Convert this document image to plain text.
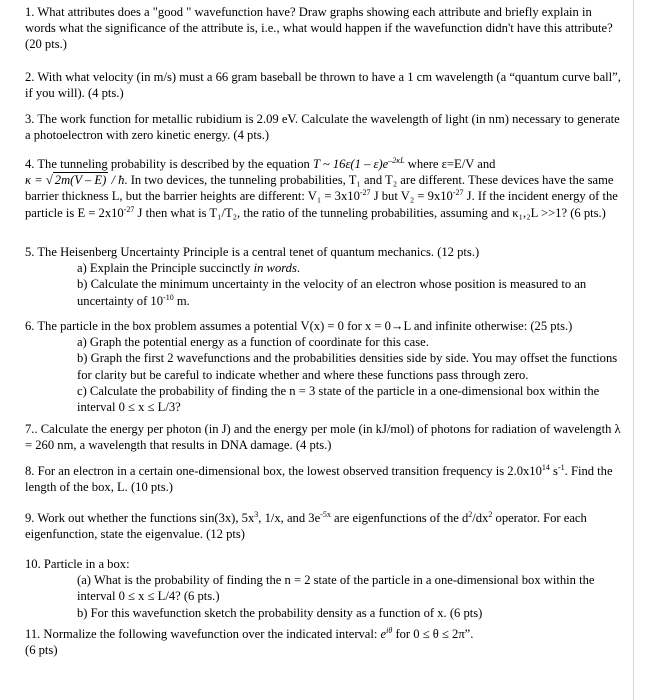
1. What attributes does a "good " wavefunction have? Draw graphs showing each attribute and briefly explain in words what the significance of the attribute is, i.e., what would happen if the wavefunction didn't have this attribute? (20 pts.)
2. With what velocity (in m/s) must a 66 gram baseball be thrown to have a 1 cm wavelength (a “quantum curve ball”, if you will). (4 pts.)
3. The work function for metallic rubidium is 2.09 eV. Calculate the wavelength of light (in nm) necessary to generate a photoelectron with zero kinetic energy. (4 pts.)
4. The tunneling probability is described by the equation T ~ $16\varepsilon(1 - \varepsilon)e^{-2\kappa L}$ where ε=E/V and
κ = √ 2m(V – E) / ħ. In two devices, the tunneling probabilities, T₁ and T₂ are different. These devices have the same barrier thickness L, but the barrier heights are different: $V_1 = 3x10^{-27}$ J but $V_2 = 9x10^{-27}$ J. If the incident energy of the particle is $E = 2x10^{-27}$ J then what is T₁/T₂, the ratio of the tunneling probabilities, assuming and κ₁,₂L >>1? (6 pts.)
5. The Heisenberg Uncertainty Principle is a central tenet of quantum mechanics. (12 pts.)
a) Explain the Principle succinctly in words.
b) Calculate the minimum uncertainty in the velocity of an electron whose position is measured to an uncertainty of $10^{-10}$ m.
6. The particle in the box problem assumes a potential V(x) = 0 for x = 0→L and infinite otherwise: (25 pts.)
a) Graph the potential energy as a function of coordinate for this case.
b) Graph the first 2 wavefunctions and the probabilities densities side by side. You may offset the functions for clarity but be careful to indicate whether and where these functions pass through zero.
c) Calculate the probability of finding the n = 3 state of the particle in a one-dimensional box within the interval 0 ≤ x ≤ L/3?
7.. Calculate the energy per photon (in J) and the energy per mole (in kJ/mol) of photons for radiation of wavelength λ = 260 nm, a wavelength that results in DNA damage. (4 pts.)
8. For an electron in a certain one-dimensional box, the lowest observed transition frequency is $2.0x10^{14}$ $s^{-1}$. Find the length of the box, L. (10 pts.)
9. Work out whether the functions sin(3x), $5x^3$, 1/x, and $3e^{-5x}$ are eigenfunctions of the $d^2/dx^2$ operator. For each eigenfunction, state the eigenvalue. (12 pts)
10. Particle in a box:
(a) What is the probability of finding the n = 2 state of the particle in a one-dimensional box within the interval 0 ≤ x ≤ L/4? (6 pts.)
b) For this wavefunction sketch the probability density as a function of x. (6 pts)
11. Normalize the following wavefunction over the indicated interval: $e^{i\theta}$ for 0 ≤ θ ≤ 2π”.
(6 pts)
